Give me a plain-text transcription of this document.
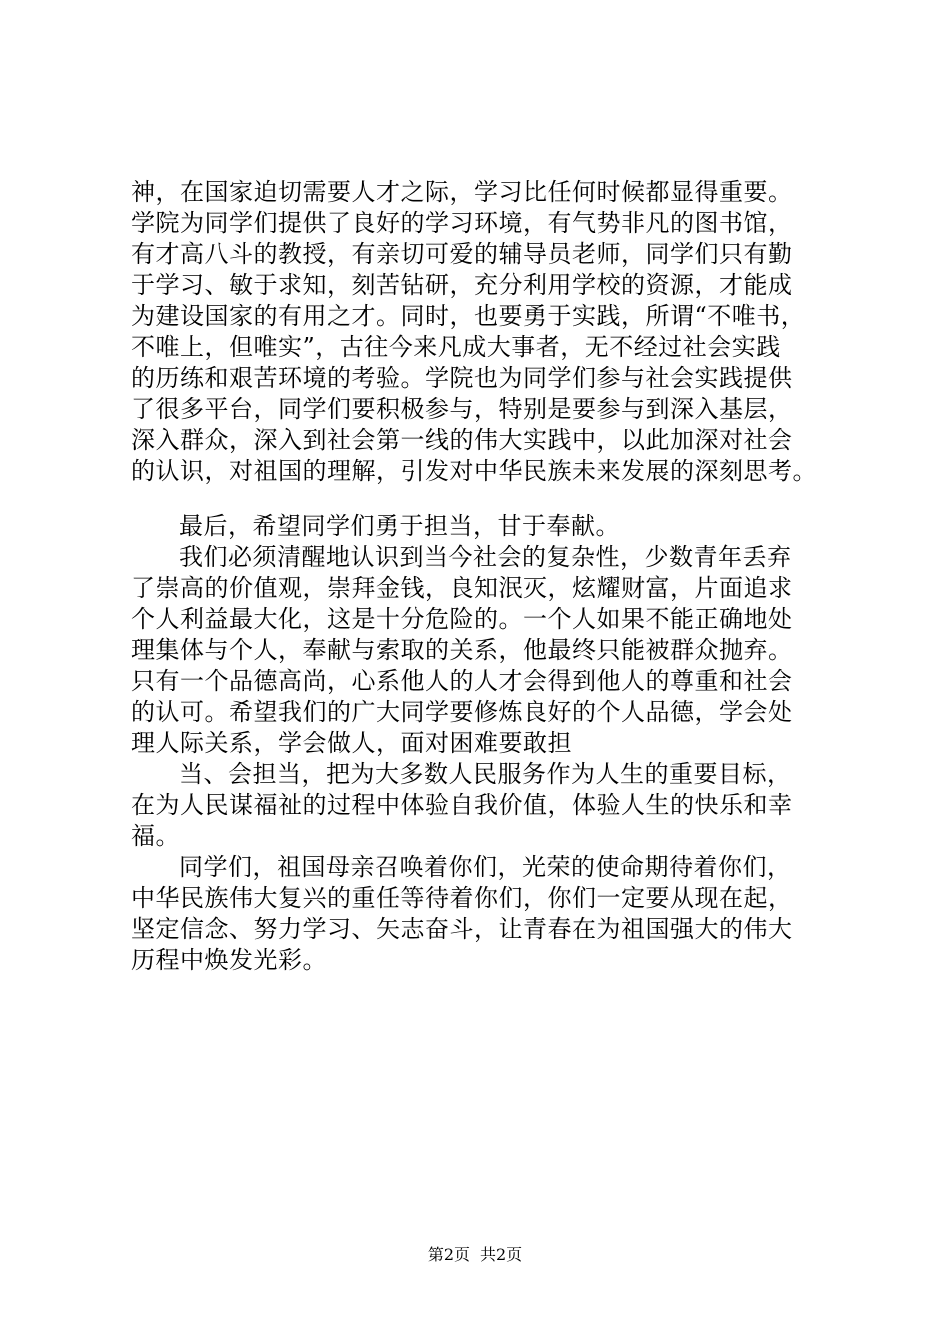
神，在国家迫切需要人才之际，学习比任何时候都显得重要。
学院为同学们提供了良好的学习环境，有气势非凡的图书馆，
有才高八斗的教授，有亲切可爱的辅导员老师，同学们只有勤
于学习、敏于求知，刻苦钻研，充分利用学校的资源，才能成
为建设国家的有用之才。同时，也要勇于实践，所谓“不唯书，
不唯上，但唯实”，古往今来凡成大事者，无不经过社会实践
的历练和艰苦环境的考验。学院也为同学们参与社会实践提供
了很多平台，同学们要积极参与，特别是要参与到深入基层，
深入群众，深入到社会第一线的伟大实践中，以此加深对社会
的认识，对祖国的理解，引发对中华民族未来发展的深刻思考。
最后，希望同学们勇于担当，甘于奉献。
我们必须清醒地认识到当今社会的复杂性，少数青年丢弃
了崇高的价值观，崇拜金钱，良知泯灭，炫耀财富，片面追求
个人利益最大化，这是十分危险的。一个人如果不能正确地处
理集体与个人，奉献与索取的关系，他最终只能被群众抛弃。
只有一个品德高尚，心系他人的人才会得到他人的尊重和社会
的认可。希望我们的广大同学要修炼良好的个人品德，学会处
理人际关系，学会做人，面对困难要敢担
当、会担当，把为大多数人民服务作为人生的重要目标，
在为人民谋福祉的过程中体验自我价值，体验人生的快乐和幸
福。
同学们，祖国母亲召唤着你们，光荣的使命期待着你们，
中华民族伟大复兴的重任等待着你们，你们一定要从现在起，
坚定信念、努力学习、矢志奋斗，让青春在为祖国强大的伟大
历程中焕发光彩。
第2页 共2页
